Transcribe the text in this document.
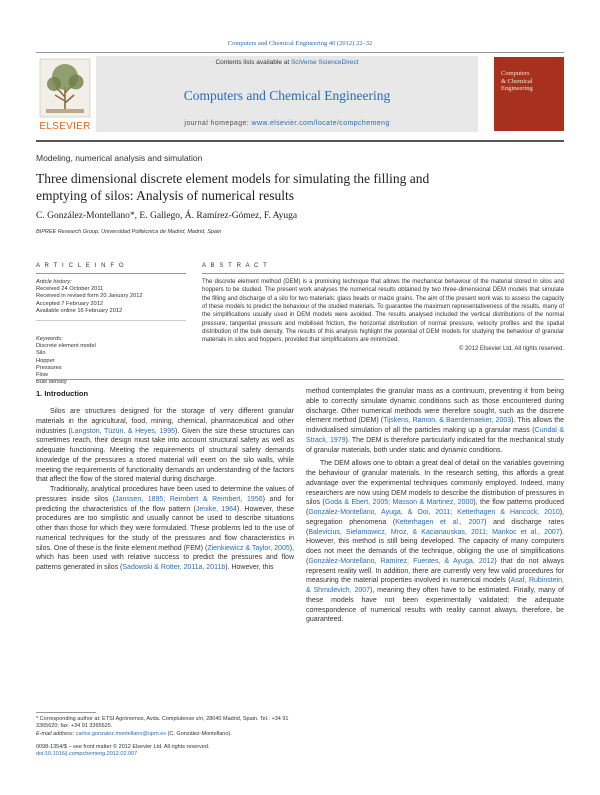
Computers and Chemical Engineering 40 (2012) 22–32
ELSEVIER
Contents lists available at SciVerse ScienceDirect
Computers and Chemical Engineering
journal homepage: www.elsevier.com/locate/compchemeng
Computers
& Chemical
Engineering
Modeling, numerical analysis and simulation
Three dimensional discrete element models for simulating the filling and
emptying of silos: Analysis of numerical results
C. González-Montellano*, E. Gallego, Á. Ramírez-Gómez, F. Ayuga
BIPREE Research Group, Universidad Politécnica de Madrid, Madrid, Spain
A R T I C L E I N F O
Article history:
Received 24 October 2011
Received in revised form 20 January 2012
Accepted 7 February 2012
Available online 16 February 2012
Keywords:
Discrete element model
Silo
Hopper
Pressures
Flow
Bulk density
A B S T R A C T
The discrete element method (DEM) is a promising technique that allows the mechanical behaviour of the material stored in silos and hoppers to be studied. The present work analyses the numerical results obtained by two three-dimensional DEM models that simulate the filling and discharge of a silo for two materials: glass beads or maize grains. The aim of the present work was to assess the capacity of these models to predict the behaviour of the studied materials. To guarantee the maximum representativeness of the results, many of the simplifications usually used in DEM models were avoided. The results analysed included the vertical distributions of the normal pressure, tangential pressure and mobilised friction, the horizontal distribution of normal pressure, velocity profiles and the spatial distribution of the bulk density. The results of this analysis highlight the potential of DEM models for studying the behaviour of granular materials in silos and hoppers, provided that simplifications are minimized.
© 2012 Elsevier Ltd. All rights reserved.
1. Introduction

Silos are structures designed for the storage of very different granular materials in the agricultural, food, mining, chemical, pharmaceutical and other industries (Langston, Tüzün, & Heyes, 1995). Given the size these structures can sometimes reach, their design must take into account structural safety as well as adequate functioning. Meeting the requirements of structural safety demands knowledge of the pressures a stored material will exert on the silo walls, while meeting the requirements of functionality demands an understanding of the factors that affect the flow of the stored material during discharge.

Traditionally, analytical procedures have been used to determine the values of pressures inside silos (Janssen, 1895; Reimbert & Reimbert, 1956) and for predicting the characteristics of the flow pattern (Jenike, 1964). However, these procedures are too simplistic and usually cannot be used to describe situations other than those for which they were formulated. These problems led to the use of numerical techniques for the study of the pressures and flow characteristics in silos. One of these is the finite element method (FEM) (Zienkiewicz & Taylor, 2005), which has been used with relative success to predict the pressures and flow patterns generated in silos (Sadowski & Rotter, 2011a, 2011b). However, this

method contemplates the granular mass as a continuum, preventing it from being able to correctly simulate dynamic conditions such as those encountered during discharge. Other numerical methods were therefore sought, such as the discrete element method (DEM) (Tijskens, Ramon, & Baerdemaeker, 2003). This allows the individualised simulation of all the particles making up a granular mass (Cundal & Strack, 1979). The DEM is therefore particularly indicated for the mechanical study of granular materials, both under static and dynamic conditions.

The DEM allows one to obtain a great deal of detail on the variables governing the behaviour of granular materials. In the research setting, this affords a great advantage over the experimental techniques commonly employed. Indeed, many researchers are now using DEM models to describe the distribution of pressures in silos (Goda & Ebert, 2005; Masson & Martinez, 2000), the flow patterns produced (González-Montellano, Ayuga, & Ooi, 2011; Ketterhagen & Hancock, 2010), segregation phenomena (Ketterhagen et al., 2007) and discharge rates (Balevicius, Sielamowicz, Mroz, & Kacianauskas, 2011; Mankoc et al., 2007). However, this method is still being developed. The capacity of many computers does not meet the demands of the technique, obliging the use of simplifications (González-Montellano, Ramírez, Fuentes, & Ayuga, 2012) that do not always represent reality well. In addition, there are currently very few valid procedures for measuring the material properties involved in numerical models (Asaf, Rubinstein, & Shmulevich, 2007), meaning they often have to be estimated. Finally, many of these models have not been experimentally validated; the adequate correspondence of numerical results with reality cannot always, therefore, be guaranteed.

* Corresponding author at: ETSI Agrónomos, Avda. Complutense s/n, 28040 Madrid, Spain. Tel.: +34 91 3365620; fax: +34 91 3365625.
E-mail address: carlos.gonzalez.montellano@upm.es (C. González-Montellano).
0098-1354/$ – see front matter © 2012 Elsevier Ltd. All rights reserved.
doi:10.1016/j.compchemeng.2012.02.007
